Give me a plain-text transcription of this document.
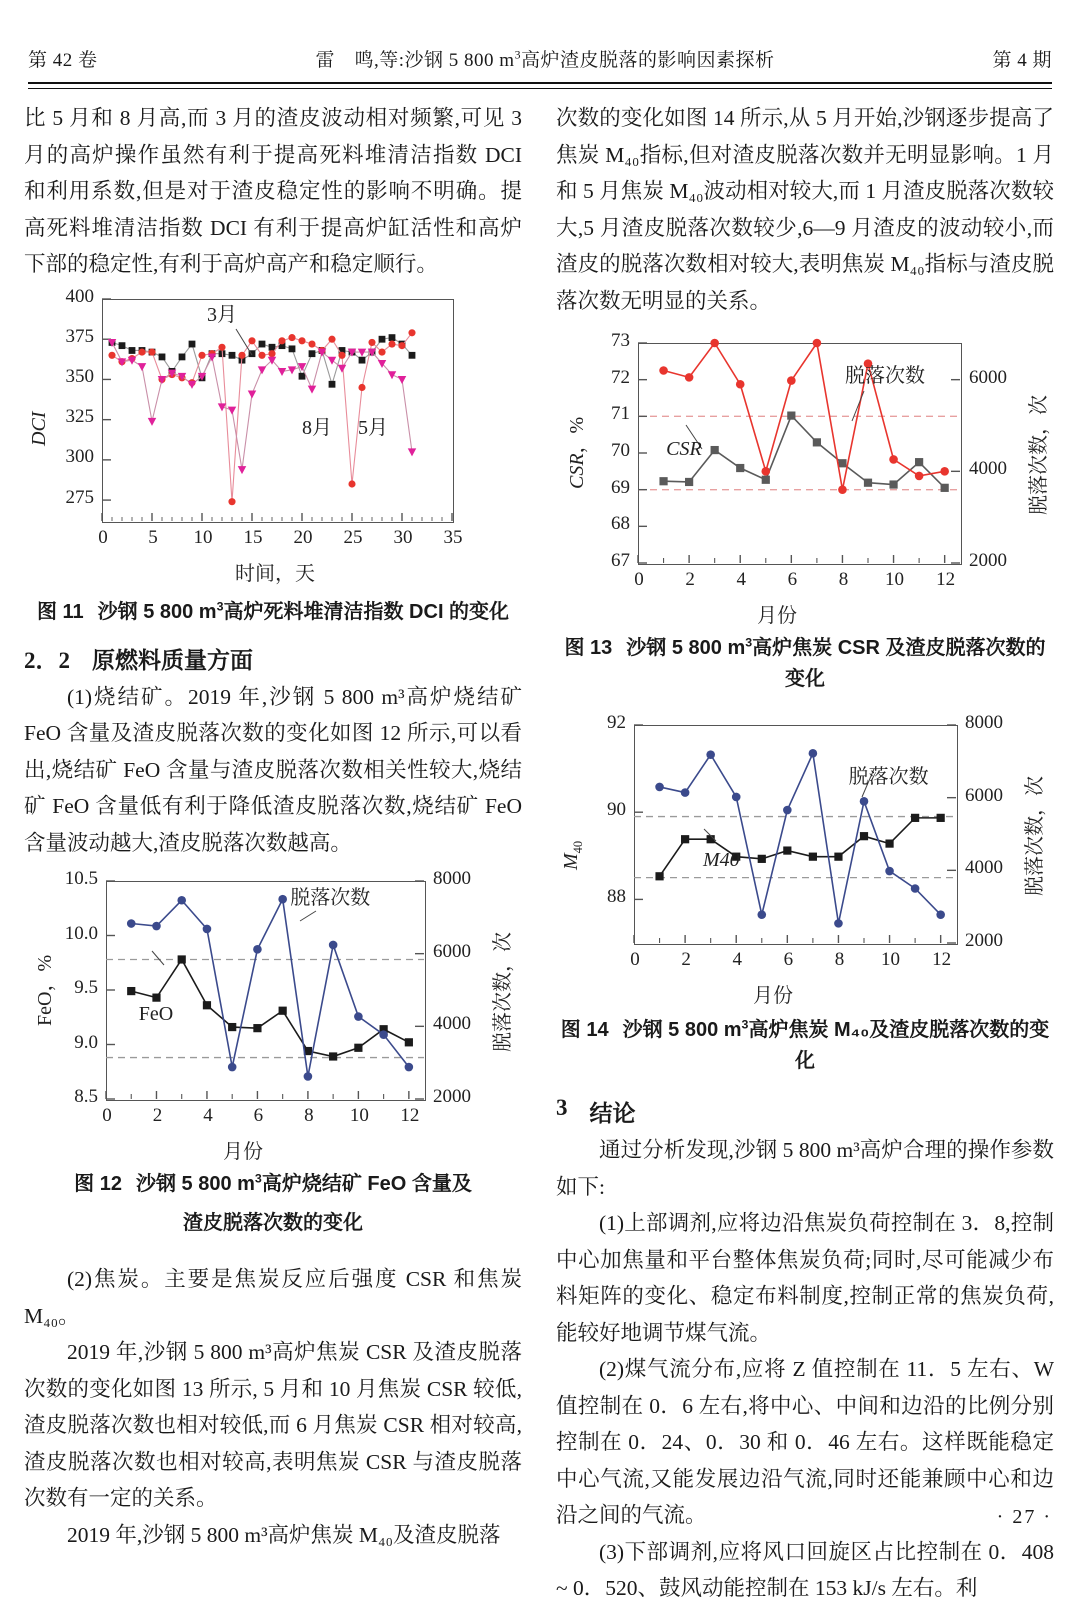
第 42 卷	雷　鸣,等:沙钢 5 800 $m^3$高炉渣皮脱落的影响因素探析	第 4 期

比 5 月和 8 月高,而 3 月的渣皮波动相对频繁,可见 3 月的高炉操作虽然有利于提高死料堆清洁指数 DCI 和利用系数,但是对于渣皮稳定性的影响不明确。提高死料堆清洁指数 DCI 有利于提高炉缸活性和高炉下部的稳定性,有利于高炉高产和稳定顺行。

0	5	10 15 20 25 30 35
275
300
325
350
375
400
3月
8月 5月
时间，天
DCI

图 11 沙钢 5 800 $m^3$高炉死料堆清洁指数 DCI 的变化

2．2 原燃料质量方面

(1)烧结矿。2019 年,沙钢 5 800 m³高炉烧结矿 FeO 含量及渣皮脱落次数的变化如图 12 所示,可以看出,烧结矿 FeO 含量与渣皮脱落次数相关性较大,烧结矿 FeO 含量低有利于降低渣皮脱落次数,烧结矿 FeO 含量波动越大,渣皮脱落次数越高。

0	2	4	6	8	10 12
8.5
9.0
9.5
10.0
10.5
2000
4000
6000
8000
脱落次数
FeO
月份
FeO，%	脱落次数，次

图 12 沙钢 5 800 $m^3$高炉烧结矿 FeO 含量及

渣皮脱落次数的变化

(2)焦炭。主要是焦炭反应后强度 CSR 和焦炭 M₄₀。

2019 年,沙钢 5 800 m³高炉焦炭 CSR 及渣皮脱落次数的变化如图 13 所示, 5 月和 10 月焦炭 CSR 较低,渣皮脱落次数也相对较低,而 6 月焦炭 CSR 相对较高,渣皮脱落次数也相对较高,表明焦炭 CSR 与渣皮脱落次数有一定的关系。

2019 年,沙钢 5 800 m³高炉焦炭 M₄₀及渣皮脱落

次数的变化如图 14 所示,从 5 月开始,沙钢逐步提高了焦炭 M₄₀指标,但对渣皮脱落次数并无明显影响。1 月和 5 月焦炭 M₄₀波动相对较大,而 1 月渣皮脱落次数较大,5 月渣皮脱落次数较少,6—9 月渣皮的波动较小,而渣皮的脱落次数相对较大,表明焦炭 M₄₀指标与渣皮脱落次数无明显的关系。

0	2	4	6	8	10 12
67
68
69
70
71
72
73
2000
4000
6000
脱落次数
CSR
月份
CSR，%	脱落次数，次

图 13 沙钢 5 800 $m^3$高炉焦炭 CSR 及渣皮脱落次数的变化

0	2	4	6	8	10 12
88
90
92
2000
4000
6000
8000
脱落次数
M40
月份
$M_{40}$	脱落次数，次

图 14 沙钢 5 800 $m^3$高炉焦炭 M₄₀及渣皮脱落次数的变化

3 结论

通过分析发现,沙钢 5 800 m³高炉合理的操作参数如下:

(1)上部调剂,应将边沿焦炭负荷控制在 3．8,控制中心加焦量和平台整体焦炭负荷;同时,尽可能减少布料矩阵的变化、稳定布料制度,控制正常的焦炭负荷,能较好地调节煤气流。

(2)煤气流分布,应将 Z 值控制在 11．5 左右、W 值控制在 0．6 左右,将中心、中间和边沿的比例分别控制在 0．24、0．30 和 0．46 左右。这样既能稳定中心气流,又能发展边沿气流,同时还能兼顾中心和边沿之间的气流。

(3)下部调剂,应将风口回旋区占比控制在 0．408 ~ 0．520、鼓风动能控制在 153 kJ/s 左右。利

· 27 ·
